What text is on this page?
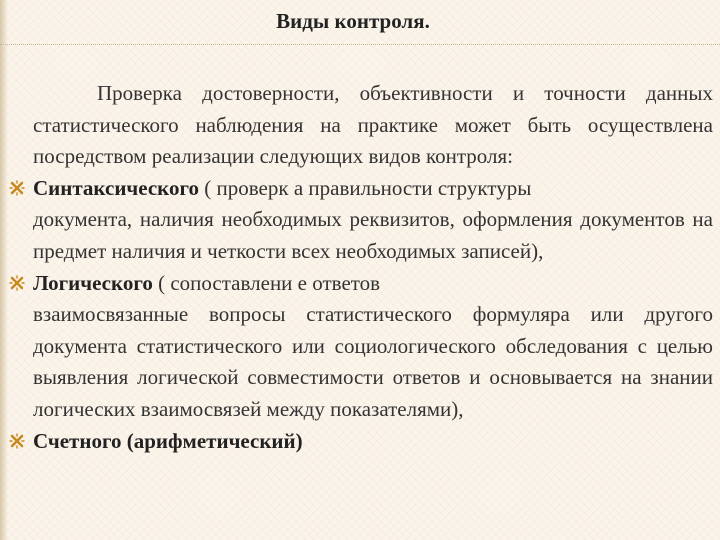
Виды контроля.

Проверка достоверности, объективности и точности данных статистического наблюдения на практике может быть осуществлена посредством реализации следующих видов контроля:

Синтаксического ( проверк а правильности структуры
документа, наличия необходимых реквизитов, оформления документов на предмет наличия и четкости всех необходимых записей),
Логического ( сопоставлени е ответов
взаимосвязанные вопросы статистического формуляра или другого документа статистического или социологического обследования с целью выявления логической совместимости ответов и основывается на знании логических взаимосвязей между показателями),
Счетного (арифметический)
